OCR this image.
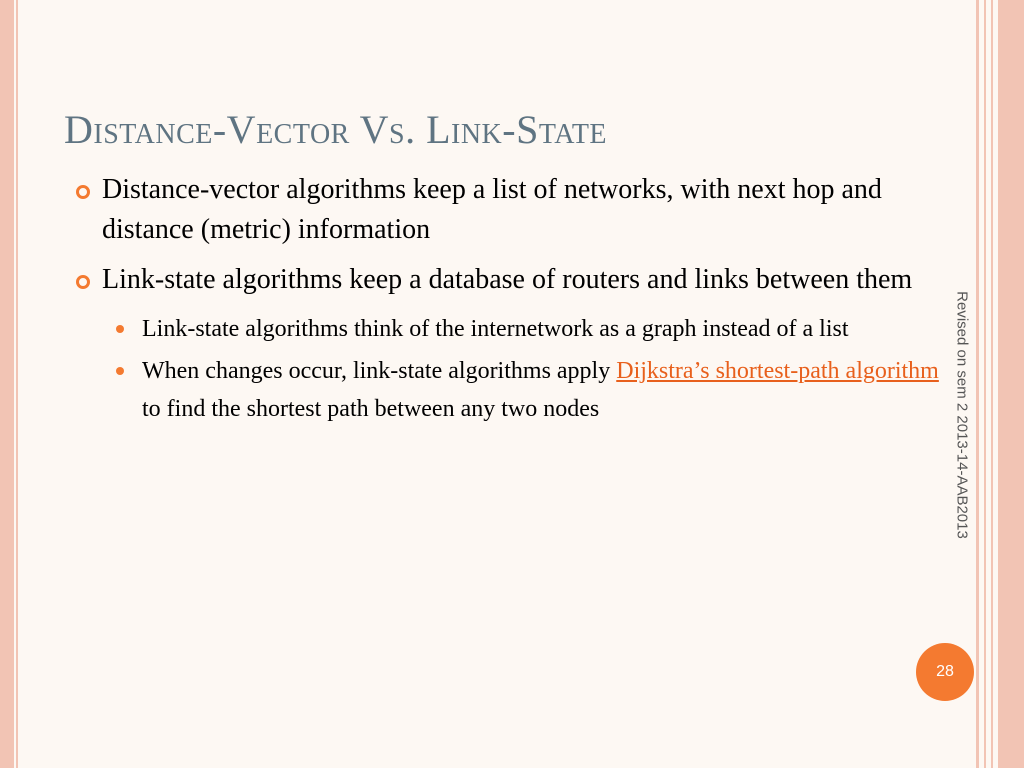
Distance-Vector Vs. Link-State
Distance-vector algorithms keep a list of networks, with next hop and distance (metric) information
Link-state algorithms keep a database of routers and links between them
Link-state algorithms think of the internetwork as a graph instead of a list
When changes occur, link-state algorithms apply Dijkstra’s shortest-path algorithm to find the shortest path between any two nodes	Revised on sem 2 2013-14-AAB2013
28
